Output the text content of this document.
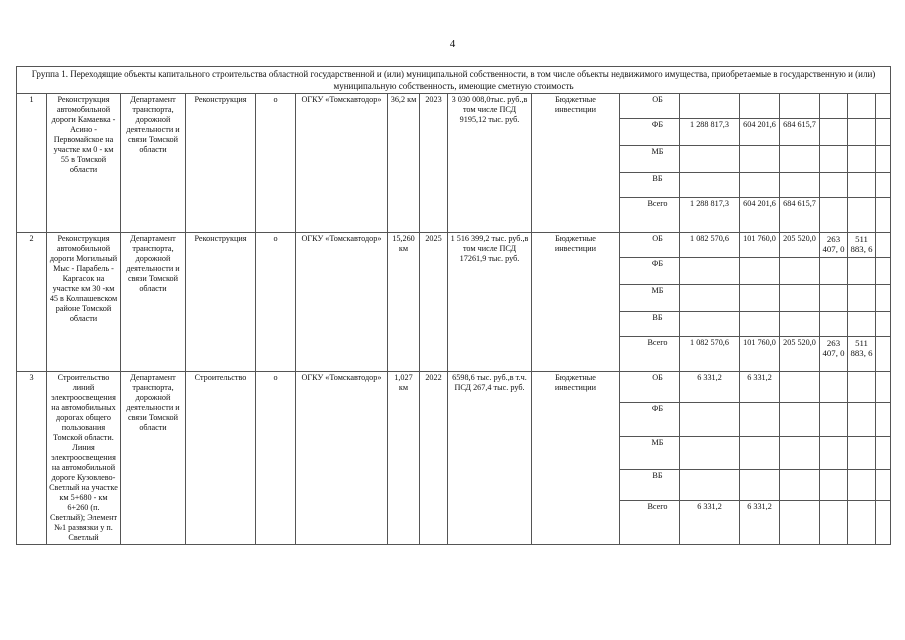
4
Группа 1. Переходящие объекты капитального строительства областной государственной и (или) муниципальной собственности, в том числе объекты недвижимого имущества, приобретаемые в государственную и (или) муниципальную собственность, имеющие сметную стоимость																
1	Реконструкция автомобильной дороги Камаевка - Асино - Первомайское на участке км 0 - км 55 в Томской области	Департамент транспорта, дорожной деятельности и связи Томской области	Реконструкция	о	ОГКУ «Томскавтодор»	36,2 км	2023	3 030 008,0тыс. руб.,в том числе ПСД 9195,12 тыс. руб.	Бюджетные инвестиции	ОБ						
										ФБ	1 288 817,3	604 201,6	684 615,7			
										МБ						
										ВБ						
										Всего	1 288 817,3	604 201,6	684 615,7			
2	Реконструкция автомобильной дороги Могильный Мыс - Парабель - Каргасок на участке км 30 -км 45 в Колпашевском районе Томской области	Департамент транспорта, дорожной деятельности и связи Томской области	Реконструкция	о	ОГКУ «Томскавтодор»	15,260 км	2025	1 516 399,2 тыс. руб.,в том числе ПСД 17261,9 тыс. руб.	Бюджетные инвестиции	ОБ	1 082 570,6	101 760,0	205 520,0	263 407, 0	511 883, 6	
										ФБ						
										МБ						
										ВБ						
										Всего	1 082 570,6	101 760,0	205 520,0	263 407, 0	511 883, 6	
3	Строительство линий электроосвещения на автомобильных дорогах общего пользования Томской области. Линия электроосвещения на автомобильной дороге Кузовлево- Светлый на участке км 5+680 - км 6+260 (п. Светлый); Элемент №1 развязки у п. Светлый	Департамент транспорта, дорожной деятельности и связи Томской области	Строительство	о	ОГКУ «Томскавтодор»	1,027 км	2022	6598,6 тыс. руб.,в т.ч. ПСД 267,4 тыс. руб.	Бюджетные инвестиции	ОБ	6 331,2	6 331,2				
										ФБ						
										МБ						
										ВБ						
										Всего	6 331,2	6 331,2				
